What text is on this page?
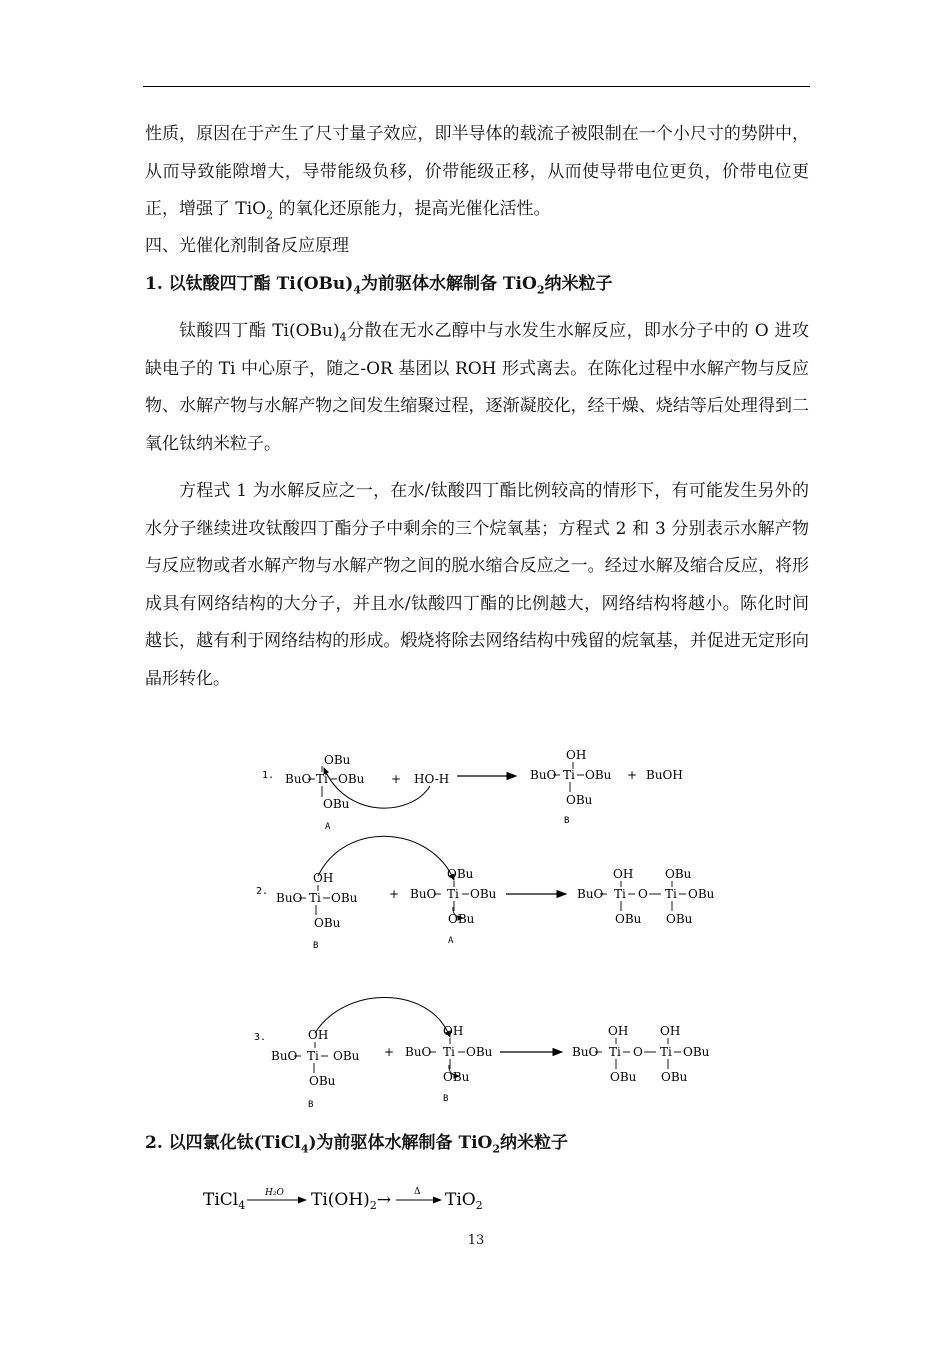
性质，原因在于产生了尺寸量子效应，即半导体的载流子被限制在一个小尺寸的势阱中，从而导致能隙增大，导带能级负移，价带能级正移，从而使导带电位更负，价带电位更正，增强了 TiO$_2$ 的氧化还原能力，提高光催化活性。

四、光催化剂制备反应原理

1. 以钛酸四丁酯 $Ti(OBu)_4$为前驱体水解制备 TiO$_2$纳米粒子

钛酸四丁酯 $Ti(OBu)_4$分散在无水乙醇中与水发生水解反应，即水分子中的 O 进攻缺电子的 Ti 中心原子，随之-OR 基团以 ROH 形式离去。在陈化过程中水解产物与反应物、水解产物与水解产物之间发生缩聚过程，逐渐凝胶化，经干燥、烧结等后处理得到二氧化钛纳米粒子。

方程式 1 为水解反应之一，在水/钛酸四丁酯比例较高的情形下，有可能发生另外的水分子继续进攻钛酸四丁酯分子中剩余的三个烷氧基；方程式 2 和 3 分别表示水解产物与反应物或者水解产物与水解产物之间的脱水缩合反应之一。经过水解及缩合反应，将形成具有网络结构的大分子，并且水/钛酸四丁酯的比例越大，网络结构将越小。陈化时间越长，越有利于网络结构的形成。煅烧将除去网络结构中残留的烷氧基，并促进无定形向晶形转化。

1.
OBu
BuO Ti OBu
OBu
A
+ HO-H
OH
BuO Ti OBu
OBu
B
+ BuOH
2.
OH
BuO Ti OBu
OBu
B
+
OBu
BuO Ti OBu
OBu
A
OH
BuO Ti O Ti OBu
OBu
OBu OBu
3.	OH
BuO Ti OBu
OBu
B
+
OH
BuO Ti OBu
OBu
B
OH
BuO Ti O Ti OBu
OH
OBu OBu

2. 以四氯化钛(TiCl$_4$)为前驱体水解制备 TiO$_2$纳米粒子

TiCl$_4$
H₂O $Ti(OH)_2\to$	Δ TiO$_2$
13
